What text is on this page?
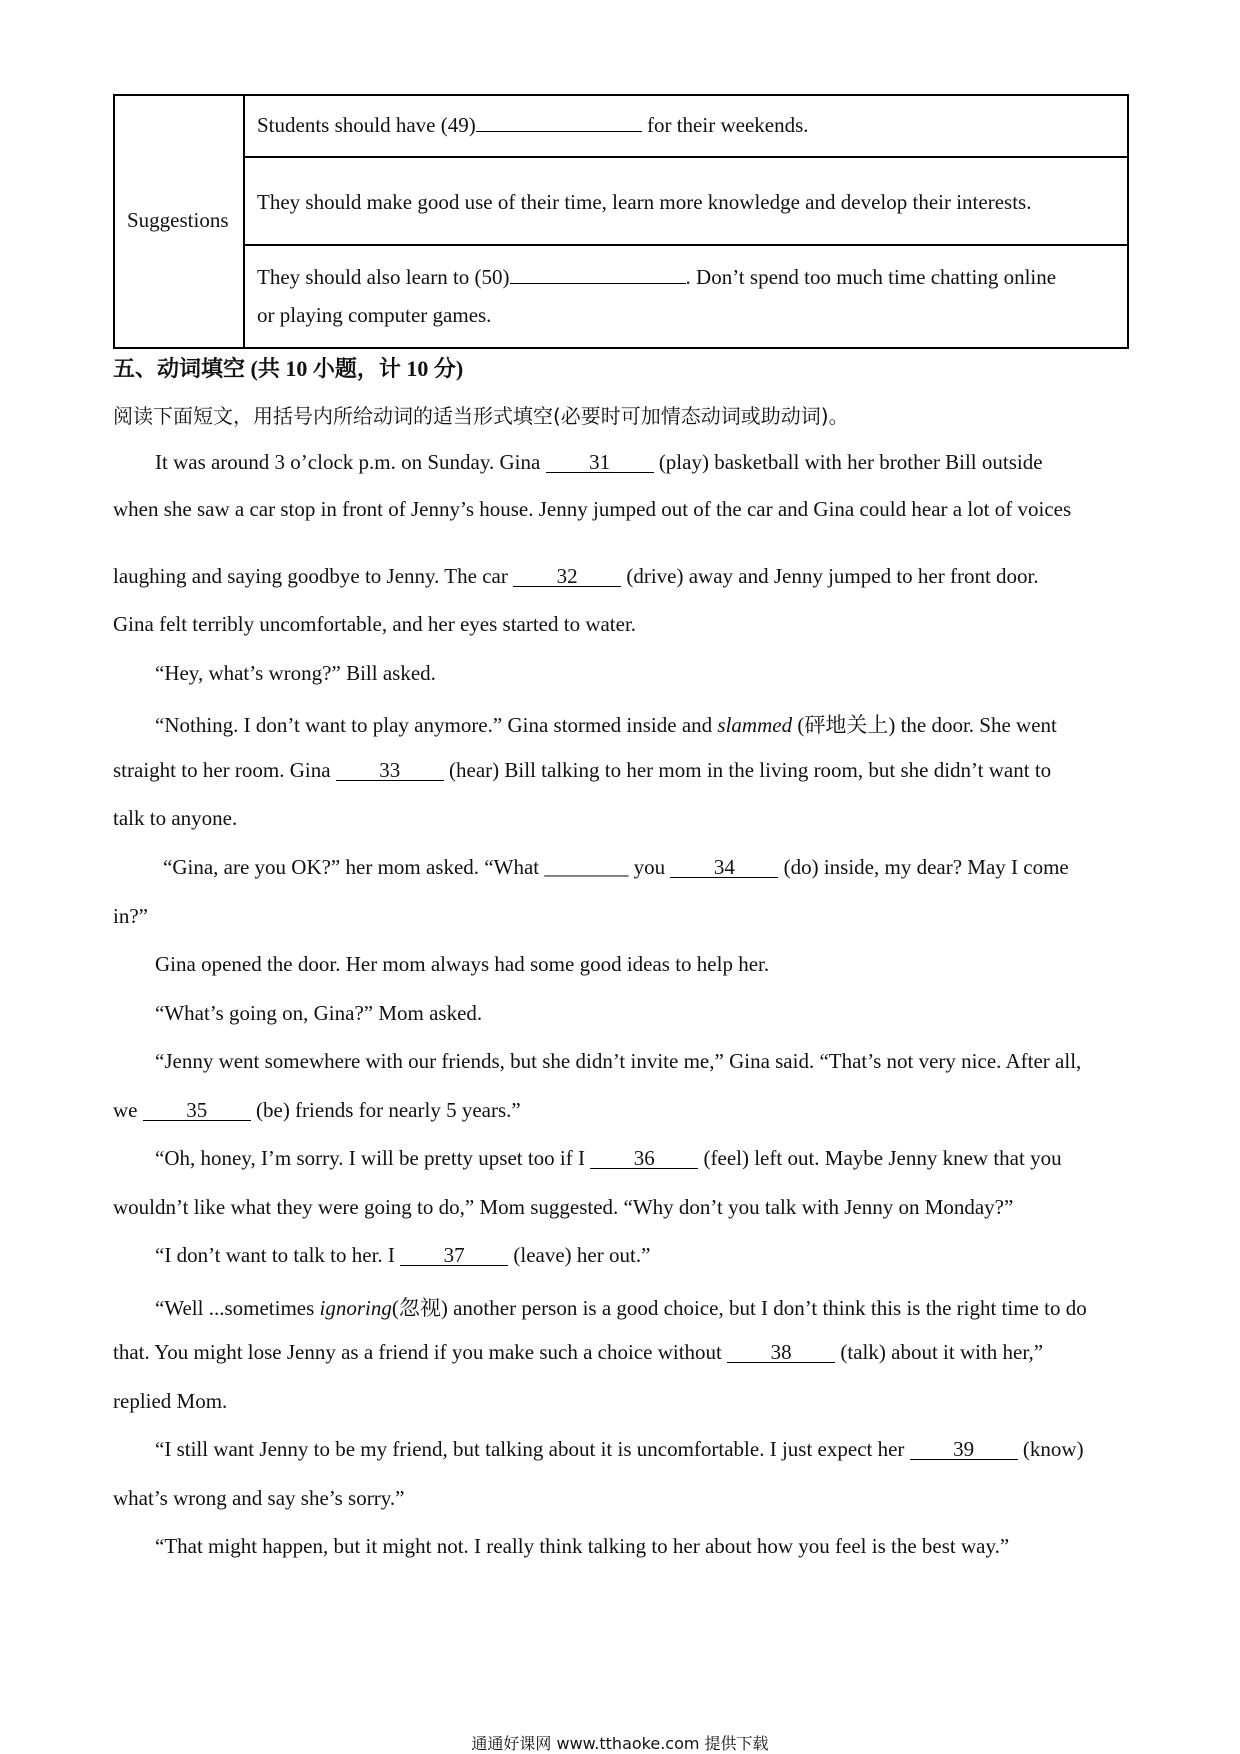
Suggestions
Students should have (49)	for their weekends.
They should make good use of their time, learn more knowledge and develop their interests.
They should also learn to (50)	. Don’t spend too much time chatting online
or playing computer games.
五、动词填空 (共 10 小题，计 10 分)
阅读下面短文，用括号内所给动词的适当形式填空(必要时可加情态动词或助动词)。
It was around 3 o’clock p.m. on Sunday. Gina 31 (play) basketball with her brother Bill outside
when she saw a car stop in front of Jenny’s house. Jenny jumped out of the car and Gina could hear a lot of voices
laughing and saying goodbye to Jenny. The car 32 (drive) away and Jenny jumped to her front door.
Gina felt terribly uncomfortable, and her eyes started to water.
“Hey, what’s wrong?” Bill asked.
“Nothing. I don’t want to play anymore.” Gina stormed inside and slammed (砰地关上) the door. She went
straight to her room. Gina 33 (hear) Bill talking to her mom in the living room, but she didn’t want to
talk to anyone.
“Gina, are you OK?” her mom asked. “What ________ you 34 (do) inside, my dear? May I come
in?”
Gina opened the door. Her mom always had some good ideas to help her.
“What’s going on, Gina?” Mom asked.
“Jenny went somewhere with our friends, but she didn’t invite me,” Gina said. “That’s not very nice. After all,
we 35 (be) friends for nearly 5 years.”
“Oh, honey, I’m sorry. I will be pretty upset too if I 36 (feel) left out. Maybe Jenny knew that you
wouldn’t like what they were going to do,” Mom suggested. “Why don’t you talk with Jenny on Monday?”
“I don’t want to talk to her. I 37 (leave) her out.”
“Well ...sometimes ignoring(忽视) another person is a good choice, but I don’t think this is the right time to do
that. You might lose Jenny as a friend if you make such a choice without 38 (talk) about it with her,”
replied Mom.
“I still want Jenny to be my friend, but talking about it is uncomfortable. I just expect her 39 (know)
what’s wrong and say she’s sorry.”
“That might happen, but it might not. I really think talking to her about how you feel is the best way.”
通通好课网 www.tthaoke.com 提供下载
